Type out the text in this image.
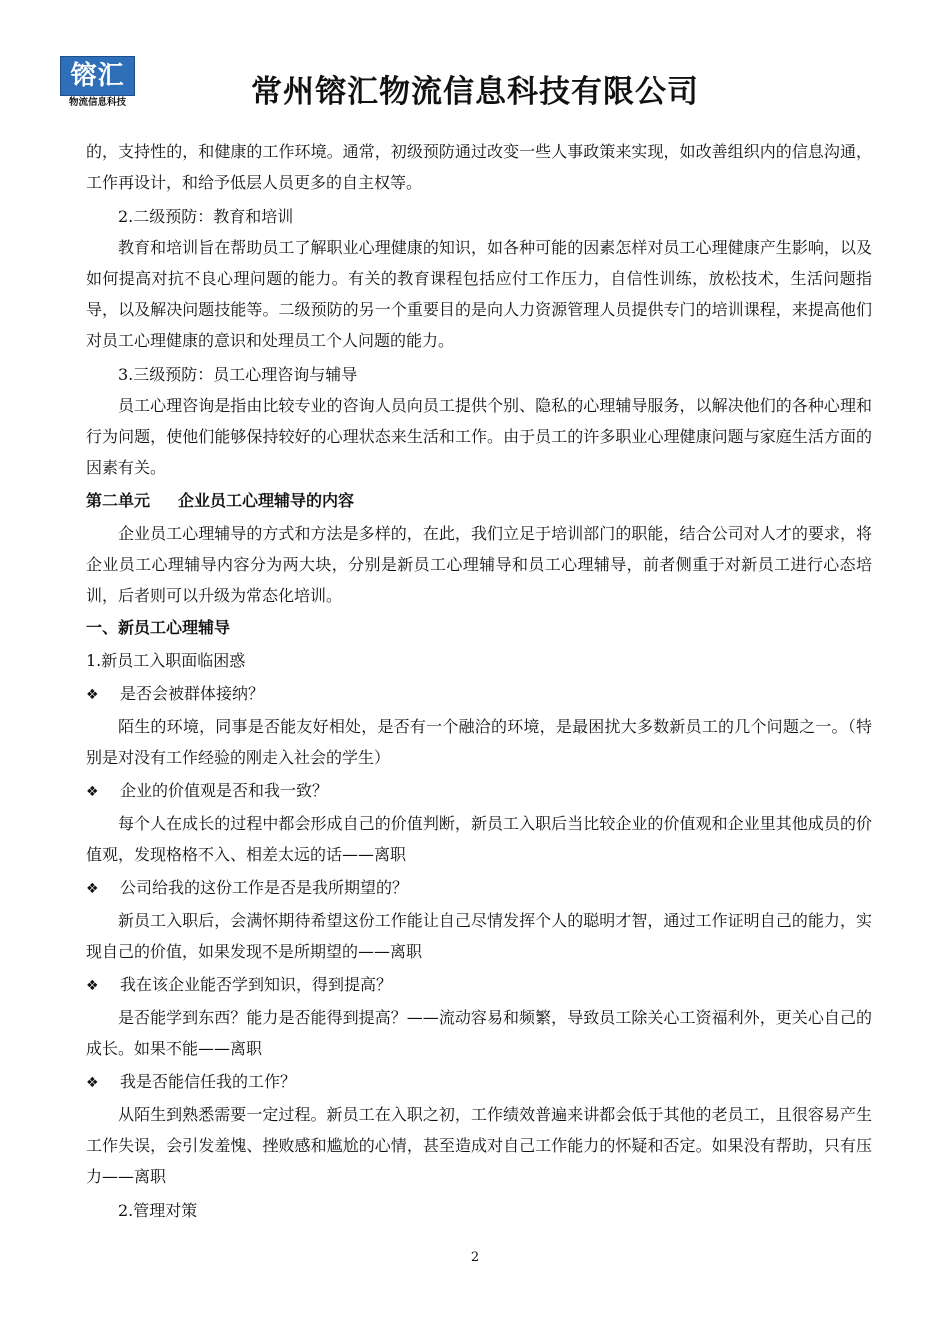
镕汇
物流信息科技	常州镕汇物流信息科技有限公司

的，支持性的，和健康的工作环境。通常，初级预防通过改变一些人事政策来实现，如改善组织内的信息沟通，工作再设计，和给予低层人员更多的自主权等。

2.二级预防：教育和培训

教育和培训旨在帮助员工了解职业心理健康的知识，如各种可能的因素怎样对员工心理健康产生影响，以及如何提高对抗不良心理问题的能力。有关的教育课程包括应付工作压力，自信性训练，放松技术，生活问题指导，以及解决问题技能等。二级预防的另一个重要目的是向人力资源管理人员提供专门的培训课程，来提高他们对员工心理健康的意识和处理员工个人问题的能力。

3.三级预防：员工心理咨询与辅导

员工心理咨询是指由比较专业的咨询人员向员工提供个别、隐私的心理辅导服务，以解决他们的各种心理和行为问题，使他们能够保持较好的心理状态来生活和工作。由于员工的许多职业心理健康问题与家庭生活方面的因素有关。

第二单元 企业员工心理辅导的内容

企业员工心理辅导的方式和方法是多样的，在此，我们立足于培训部门的职能，结合公司对人才的要求，将企业员工心理辅导内容分为两大块，分别是新员工心理辅导和员工心理辅导，前者侧重于对新员工进行心态培训，后者则可以升级为常态化培训。

一、新员工心理辅导

1.新员工入职面临困惑

❖ 是否会被群体接纳？

陌生的环境，同事是否能友好相处，是否有一个融洽的环境，是最困扰大多数新员工的几个问题之一。（特别是对没有工作经验的刚走入社会的学生）

❖ 企业的价值观是否和我一致？

每个人在成长的过程中都会形成自己的价值判断，新员工入职后当比较企业的价值观和企业里其他成员的价值观，发现格格不入、相差太远的话——离职

❖ 公司给我的这份工作是否是我所期望的？

新员工入职后，会满怀期待希望这份工作能让自己尽情发挥个人的聪明才智，通过工作证明自己的能力，实现自己的价值，如果发现不是所期望的——离职

❖ 我在该企业能否学到知识，得到提高？

是否能学到东西？能力是否能得到提高？——流动容易和频繁，导致员工除关心工资福利外，更关心自己的成长。如果不能——离职

❖ 我是否能信任我的工作？

从陌生到熟悉需要一定过程。新员工在入职之初，工作绩效普遍来讲都会低于其他的老员工，且很容易产生工作失误，会引发羞愧、挫败感和尴尬的心情，甚至造成对自己工作能力的怀疑和否定。如果没有帮助，只有压力——离职

2.管理对策

2
